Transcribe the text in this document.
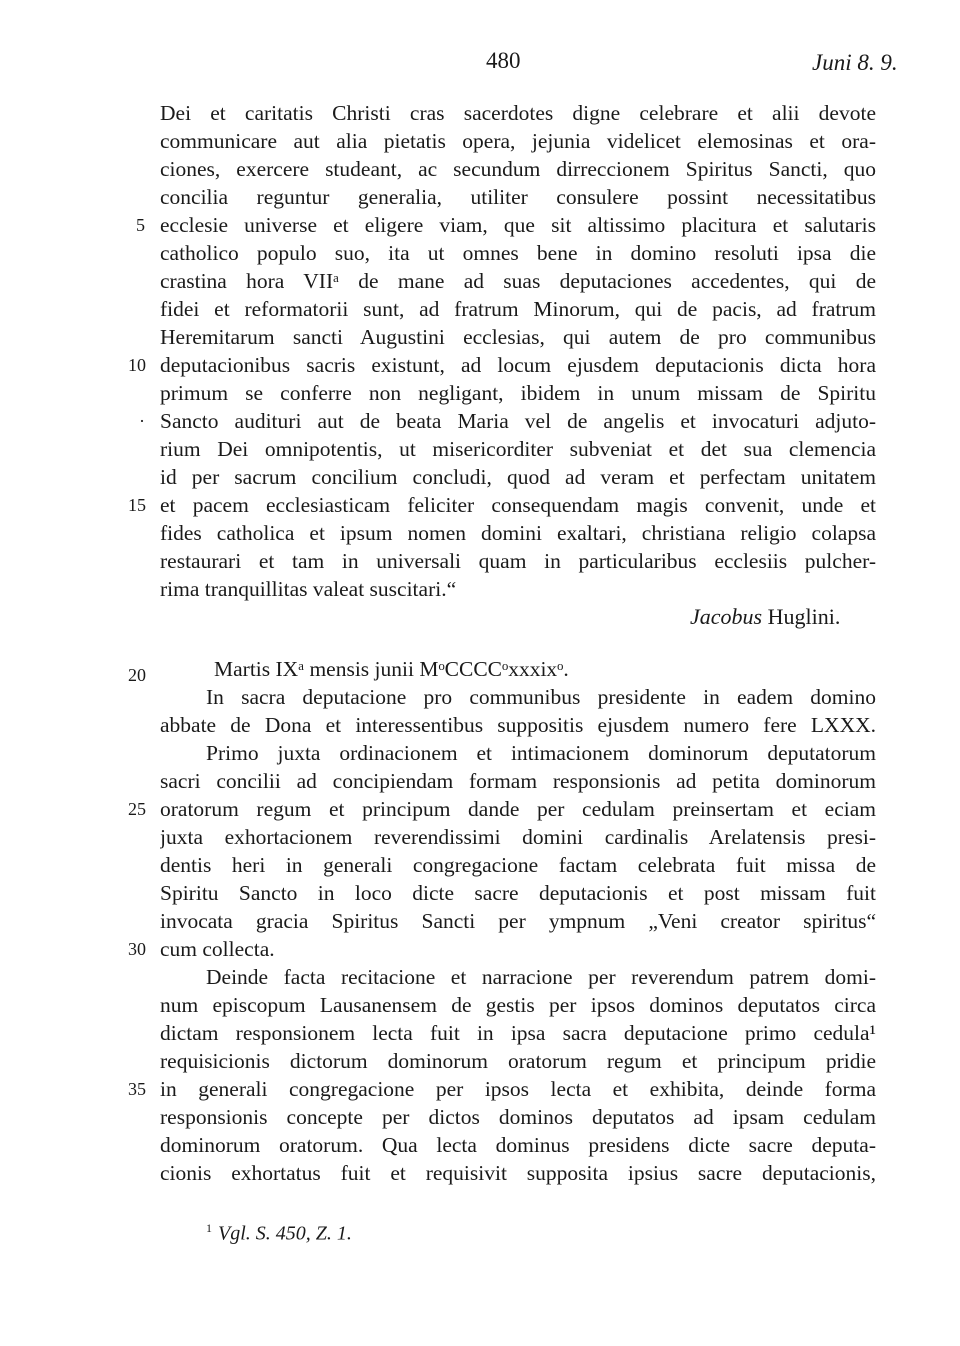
480	Juni 8. 9.
Dei et caritatis Christi cras sacerdotes digne celebrare et alii devote
communicare aut alia pietatis opera, jejunia videlicet elemosinas et ora-
ciones, exercere studeant, ac secundum dirreccionem Spiritus Sancti, quo
concilia reguntur generalia, utiliter consulere possint necessitatibus
ecclesie universe et eligere viam, que sit altissimo placitura et salutaris
catholico populo suo, ita ut omnes bene in domino resoluti ipsa die
crastina hora VIIᵃ de mane ad suas deputaciones accedentes, qui de
fidei et reformatorii sunt, ad fratrum Minorum, qui de pacis, ad fratrum
Heremitarum sancti Augustini ecclesias, qui autem de pro communibus
deputacionibus sacris existunt, ad locum ejusdem deputacionis dicta hora
primum se conferre non negligant, ibidem in unum missam de Spiritu
Sancto audituri aut de beata Maria vel de angelis et invocaturi adjuto-
rium Dei omnipotentis, ut misericorditer subveniat et det sua clemencia
id per sacrum concilium concludi, quod ad veram et perfectam unitatem
et pacem ecclesiasticam feliciter consequendam magis convenit, unde et
fides catholica et ipsum nomen domini exaltari, christiana religio colapsa
restaurari et tam in universali quam in particularibus ecclesiis pulcher-
rima tranquillitas valeat suscitari.“
Jacobus Huglini.
Martis IXᵃ mensis junii MᵒCCCCᵒxxxixᵒ.
In sacra deputacione pro communibus presidente in eadem domino
abbate de Dona et interessentibus suppositis ejusdem numero fere LXXX.
Primo juxta ordinacionem et intimacionem dominorum deputatorum
sacri concilii ad concipiendam formam responsionis ad petita dominorum
oratorum regum et principum dande per cedulam preinsertam et eciam
juxta exhortacionem reverendissimi domini cardinalis Arelatensis presi-
dentis heri in generali congregacione factam celebrata fuit missa de
Spiritu Sancto in loco dicte sacre deputacionis et post missam fuit
invocata gracia Spiritus Sancti per ympnum „Veni creator spiritus“
cum collecta.
Deinde facta recitacione et narracione per reverendum patrem domi-
num episcopum Lausanensem de gestis per ipsos dominos deputatos circa
dictam responsionem lecta fuit in ipsa sacra deputacione primo cedula¹
requisicionis dictorum dominorum oratorum regum et principum pridie
in generali congregacione per ipsos lecta et exhibita, deinde forma
responsionis concepte per dictos dominos deputatos ad ipsam cedulam
dominorum oratorum. Qua lecta dominus presidens dicte sacre deputa-
cionis exhortatus fuit et requisivit supposita ipsius sacre deputacionis,
5
10
·
15
20
25
30
35
$^1$ Vgl. S. 450, Z. 1.
